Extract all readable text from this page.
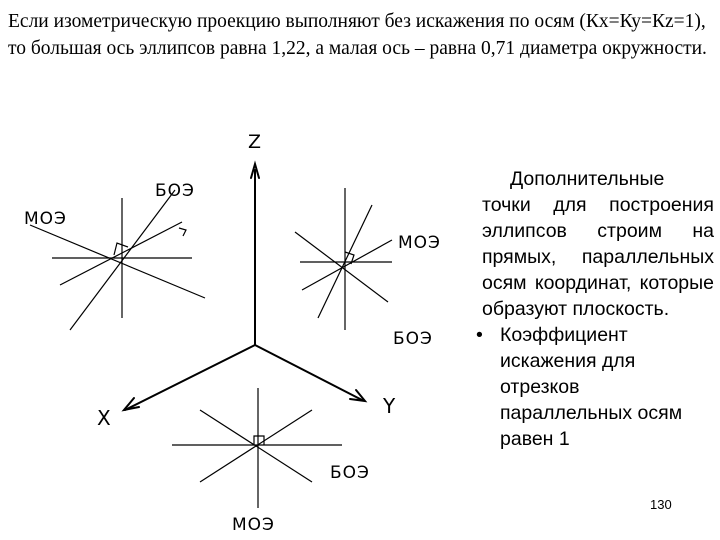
Если изометрическую проекцию выполняют без искажения по осям (Кх=Ку=Кz=1), то большая ось эллипсов равна 1,22, а малая ось – равна 0,71 диаметра окружности.
Z
X	Y
МОЭ
БОЭ
МОЭ
БОЭ
БОЭ
МОЭ
Дополнительные точки для построения эллипсов строим на прямых, параллельных осям координат, которые образуют плоскость.
• Коэффициент искажения для отрезков параллельных осям равен 1
130
